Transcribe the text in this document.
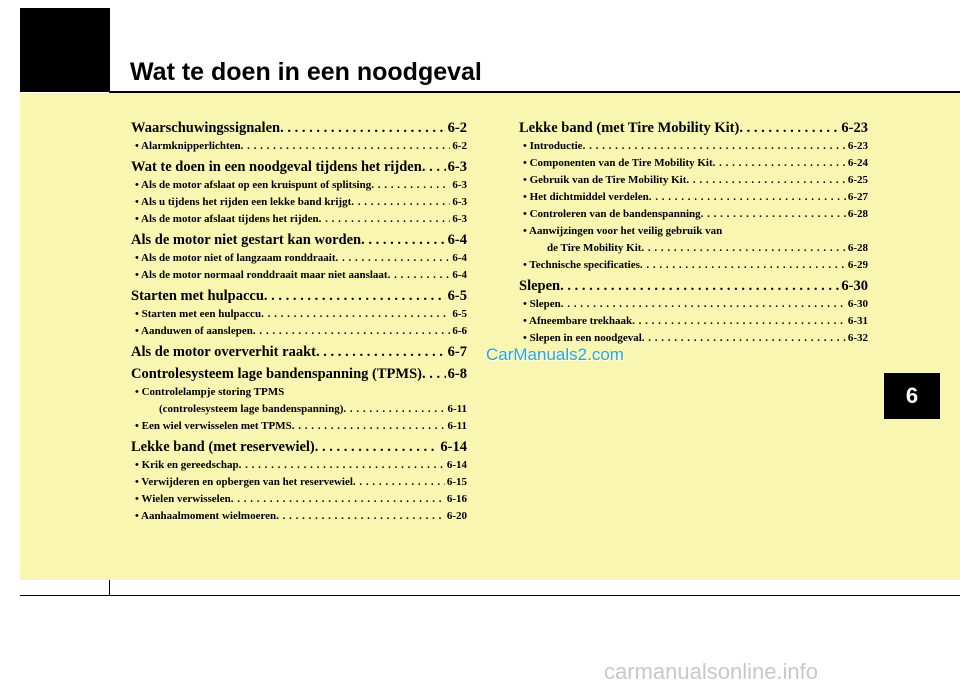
Wat te doen in een noodgeval
Waarschuwingssignalen . . .	6-2
• Alarmknipperlichten . . .	6-2
Wat te doen in een noodgeval tijdens het rijden . . . 6-3
• Als de motor afslaat op een kruispunt of splitsing . . .	6-3
• Als u tijdens het rijden een lekke band krijgt . . .	6-3
• Als de motor afslaat tijdens het rijden . . .	6-3
Als de motor niet gestart kan worden . . .	6-4
• Als de motor niet of langzaam ronddraait . . .	6-4
• Als de motor normaal ronddraait maar niet aanslaat . . .	6-4
Starten met hulpaccu . . .	6-5
• Starten met een hulpaccu . . .	6-5
• Aanduwen of aanslepen . . .	6-6
Als de motor oververhit raakt . . .	6-7
Controlesysteem lage bandenspanning (TPMS) . . . 6-8
• Controlelampje storing TPMS
(controlesysteem lage bandenspanning) . . .	6-11
• Een wiel verwisselen met TPMS . . .	6-11
Lekke band (met reservewiel) . . .	6-14
• Krik en gereedschap . . .	6-14
• Verwijderen en opbergen van het reservewiel . . .	6-15
• Wielen verwisselen . . .	6-16
• Aanhaalmoment wielmoeren . . .	6-20
Lekke band (met Tire Mobility Kit) . . .	6-23
• Introductie . . .	6-23
• Componenten van de Tire Mobility Kit . . .	6-24
• Gebruik van de Tire Mobility Kit . . .	6-25
• Het dichtmiddel verdelen . . .	6-27
• Controleren van de bandenspanning . . .	6-28
• Aanwijzingen voor het veilig gebruik van
de Tire Mobility Kit . . .	6-28
• Technische specificaties . . .	6-29
Slepen . . .	6-30
• Slepen . . .	6-30
• Afneembare trekhaak . . .	6-31
• Slepen in een noodgeval . . .	6-32
CarManuals2.com
6
carmanualsonline.info
